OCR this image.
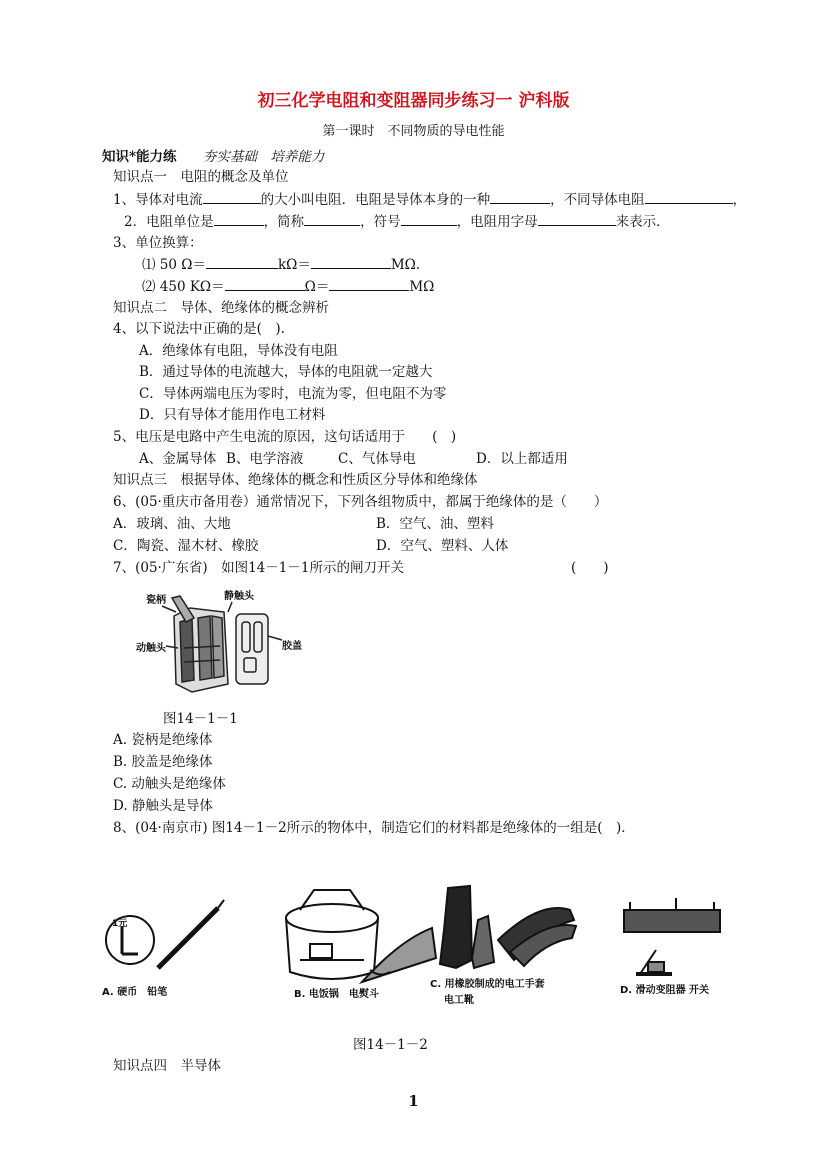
初三化学电阻和变阻器同步练习一 沪科版
第一课时　不同物质的导电性能
知识*能力练 夯实基础　培养能力
知识点一　电阻的概念及单位
1、导体对电流	的大小叫电阻．电阻是导体本身的一种	，不同导体电阻	，
2．电阻单位是	，简称	，符号	，电阻用字母	来表示．
3、单位换算：
⑴ 50 Ω＝	kΩ＝	MΩ.
⑵ 450 KΩ＝	Ω＝	MΩ
知识点二　导体、绝缘体的概念辨析
4、以下说法中正确的是(　).
A．绝缘体有电阻，导体没有电阻
B．通过导体的电流越大，导体的电阻就一定越大
C．导体两端电压为零时，电流为零，但电阻不为零
D．只有导体才能用作电工材料
5、电压是电路中产生电流的原因，这句话适用于　　(　)
A、金属导体 B、电学溶液	C、气体导电	D．以上都适用
知识点三　根据导体、绝缘体的概念和性质区分导体和绝缘体
6、(05·重庆市备用卷）通常情况下，下列各组物质中，都属于绝缘体的是（　　）
A．玻璃、油、大地	B．空气、油、塑料
C．陶瓷、湿木材、橡胶	D．空气、塑料、人体
7、(05·广东省)　如图14－1－1所示的闸刀开关	(　　)
瓷柄	静触头
动触头	胶盖
图14－1－1
A. 瓷柄是绝缘体
B. 胶盖是绝缘体
C. 动触头是绝缘体
D. 静触头是导体
8、(04·南京市) 图14－1－2所示的物体中，制造它们的材料都是绝缘体的一组是(　)．
1元
A. 硬币　铅笔	B. 电饭锅　电熨斗
C. 用橡胶制成的电工手套
电工靴
D. 滑动变阻器 开关
图14－1－2
知识点四　半导体
1
